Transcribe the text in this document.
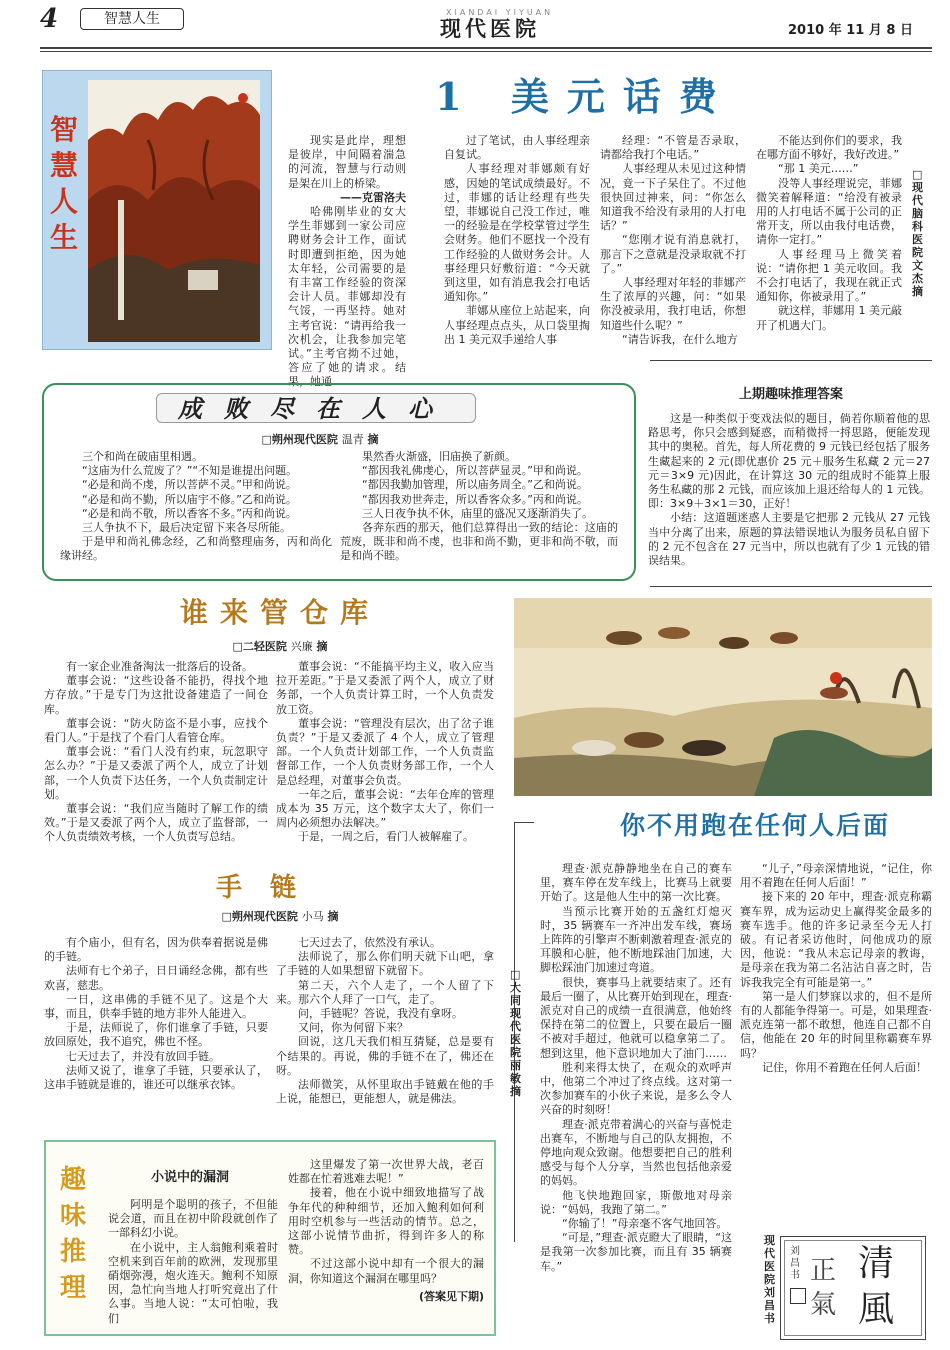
4	智慧人生	XIANDAI YIYUAN
现代医院	2010 年 11 月 8 日
智慧人生
1 美元话费
现实是此岸，理想是彼岸，中间隔着湍急的河流，智慧与行动则是架在川上的桥梁。
——克雷洛夫
哈佛刚毕业的女大学生菲娜到一家公司应聘财务会计工作，面试时即遭到拒绝，因为她太年轻，公司需要的是有丰富工作经验的资深会计人员。菲娜却没有气馁，一再坚持。她对主考官说：“请再给我一次机会，让我参加完笔试。”主考官拗不过她，答应了她的请求。结果，她通
过了笔试，由人事经理亲自复试。
人事经理对菲娜颇有好感，因她的笔试成绩最好。不过，菲娜的话让经理有些失望，菲娜说自己没工作过，唯一的经验是在学校掌管过学生会财务。他们不愿找一个没有工作经验的人做财务会计。人事经理只好敷衍道：“今天就到这里，如有消息我会打电话通知你。”
菲娜从座位上站起来，向人事经理点点头，从口袋里掏出 1 美元双手递给人事
经理：“不管是否录取，请都给我打个电话。”
人事经理从未见过这种情况，竟一下子呆住了。不过他很快回过神来，问：“你怎么知道我不给没有录用的人打电话？”
“您刚才说有消息就打，那言下之意就是没录取就不打了。”
人事经理对年轻的菲娜产生了浓厚的兴趣，问：“如果你没被录用，我打电话，你想知道些什么呢？”
“请告诉我，在什么地方
不能达到你们的要求，我在哪方面不够好，我好改进。”
“那 1 美元……”
没等人事经理说完，菲娜微笑着解释道：“给没有被录用的人打电话不属于公司的正常开支，所以由我付电话费，请你一定打。”
人事经理马上微笑着说：“请你把 1 美元收回。我不会打电话了，我现在就正式通知你，你被录用了。”
就这样，菲娜用 1 美元敲开了机遇大门。
□现代脑科医院 文杰 摘
成败尽在人心
□朔州现代医院 温青 摘
三个和尚在破庙里相遇。
“这庙为什么荒废了？”“不知是谁提出问题。
“必是和尚不虔，所以菩萨不灵。”甲和尚说。
“必是和尚不勤，所以庙宇不修。”乙和尚说。
“必是和尚不敬，所以香客不多。”丙和尚说。
三人争执不下，最后决定留下来各尽所能。
于是甲和尚礼佛念经，乙和尚整理庙务，丙和尚化缘讲经。
果然香火渐盛，旧庙换了新颜。
“都因我礼佛虔心，所以菩萨显灵。”甲和尚说。
“都因我勤加管理，所以庙务周全。”乙和尚说。
“都因我劝世奔走，所以香客众多。”丙和尚说。
三人日夜争执不休，庙里的盛况又逐渐消失了。
各奔东西的那天，他们总算得出一致的结论：这庙的荒废，既非和尚不虔，也非和尚不勤，更非和尚不敬，而是和尚不睦。
上期趣味推理答案
这是一种类似于变戏法似的题目，倘若你顺着他的思路思考，你只会感到疑惑，而稍微捋一捋思路，便能发现其中的奥秘。首先，每人所花费的 9 元钱已经包括了服务生藏起来的 2 元(即优惠价 25 元＋服务生私藏 2 元＝27 元＝3×9 元)因此，在计算这 30 元的组成时不能算上服务生私藏的那 2 元钱，而应该加上退还给每人的 1 元钱。即：3×9＋3×1＝30，正好！
小结：这道题迷惑人主要是它把那 2 元钱从 27 元钱当中分离了出来，原题的算法错误地认为服务员私自留下的 2 元不包含在 27 元当中，所以也就有了少 1 元钱的错误结果。
谁来管仓库
□二轻医院 兴廉 摘
有一家企业准备淘汰一批落后的设备。
董事会说：“这些设备不能扔，得找个地方存放。”于是专门为这批设备建造了一间仓库。
董事会说：“防火防盗不是小事，应找个看门人。”于是找了个看门人看管仓库。
董事会说：“看门人没有约束，玩忽职守怎么办？”于是又委派了两个人，成立了计划部，一个人负责下达任务，一个人负责制定计划。
董事会说：“我们应当随时了解工作的绩效。”于是又委派了两个人，成立了监督部，一个人负责绩效考核，一个人负责写总结。
董事会说：“不能搞平均主义，收入应当拉开差距。”于是又委派了两个人，成立了财务部，一个人负责计算工时，一个人负责发放工资。
董事会说：“管理没有层次，出了岔子谁负责？”于是又委派了 4 个人，成立了管理部。一个人负责计划部工作，一个人负责监督部工作，一个人负责财务部工作，一个人是总经理，对董事会负责。
一年之后，董事会说：“去年仓库的管理成本为 35 万元，这个数字太大了，你们一周内必须想办法解决。”
于是，一周之后，看门人被解雇了。
手链
□朔州现代医院 小马 摘
有个庙小，但有名，因为供奉着据说是佛的手链。
法师有七个弟子，日日诵经念佛，都有些欢喜，慈悲。
一日，这串佛的手链不见了。这是个大事，而且，供奉手链的地方非外人能进入。
于是，法师说了，你们谁拿了手链，只要放回原处，我不追究，佛也不怪。
七天过去了，并没有放回手链。
法师又说了，谁拿了手链，只要承认了，这串手链就是谁的，谁还可以继承衣钵。
七天过去了，依然没有承认。
法师说了，那么你们明天就下山吧，拿了手链的人如果想留下就留下。
第二天，六个人走了，一个人留了下来。那六个人拜了一口气，走了。
问，手链呢？答说，我没有拿呀。
又问，你为何留下来？
回说，这几天我们相互猜疑，总是要有个结果的。再说，佛的手链不在了，佛还在呀。
法师微笑，从怀里取出手链戴在他的手上说，能想已，更能想人，就是佛法。
你不用跑在任何人后面
□大同现代医院 丽敏 摘
理查·派克静静地坐在自己的赛车里，赛车停在发车线上，比赛马上就要开始了。这是他人生中的第一次比赛。
当预示比赛开始的五盏红灯熄灭时，35 辆赛车一齐冲出发车线，赛场上阵阵的引擎声不断刺激着理查·派克的耳膜和心脏，他不断地踩油门加速，大脚松踩油门加速过弯道。
很快，赛事马上就要结束了。还有最后一圈了，从比赛开始到现在，理查·派克对自己的成绩一直很满意，他始终保持在第二的位置上，只要在最后一圈不被对手超过，他就可以稳拿第二了。想到这里，他下意识地加大了油门……
胜利来得太快了，在观众的欢呼声中，他第二个冲过了终点线。这对第一次参加赛车的小伙子来说，是多么令人兴奋的时刻呀！
理查·派克带着满心的兴奋与喜悦走出赛车，不断地与自己的队友拥抱，不停地向观众致谢。他想要把自己的胜利感受与每个人分享，当然也包括他亲爱的妈妈。
他飞快地跑回家，斯傲地对母亲说：“妈妈，我跑了第二。”
“你输了！”母亲毫不客气地回答。
“可是，”理查·派克瞪大了眼睛，“这是我第一次参加比赛，而且有 35 辆赛车。”
“儿子，”母亲深情地说，“记住，你用不着跑在任何人后面！”
接下来的 20 年中，理查·派克称霸赛车界，成为运动史上赢得奖金最多的赛车选手。他的许多记录至今无人打破。有记者采访他时，问他成功的原因，他说：“我从未忘记母亲的教诲，是母亲在我为第二名沾沾自喜之时，告诉我我完全有可能是第一。”
第一是人们梦寐以求的，但不是所有的人都能争得第一。可是，如果理查·派克连第一都不敢想，他连自己都不自信，他能在 20 年的时间里称霸赛车界吗？
记住，你用不着跑在任何人后面！
趣味推理
小说中的漏洞
阿明是个聪明的孩子，不但能说会道，而且在初中阶段就创作了一部科幻小说。
在小说中，主人翁鲍利乘着时空机来到百年前的欧洲，发现那里硝烟弥漫，炮火连天。鲍利不知原因，急忙向当地人打听究竟出了什么事。当地人说：“太可怕啦，我们
这里爆发了第一次世界大战，老百姓都在忙着逃难去呢！”
接着，他在小说中细致地描写了战争年代的种种细节，还加入鲍利如何利用时空机参与一些活动的情节。总之，这部小说情节曲折，得到许多人的称赞。
不过这部小说中却有一个很大的漏洞，你知道这个漏洞在哪里吗？
(答案见下期)
清
風
正
氣
刘昌书
现代医院 刘昌 书
